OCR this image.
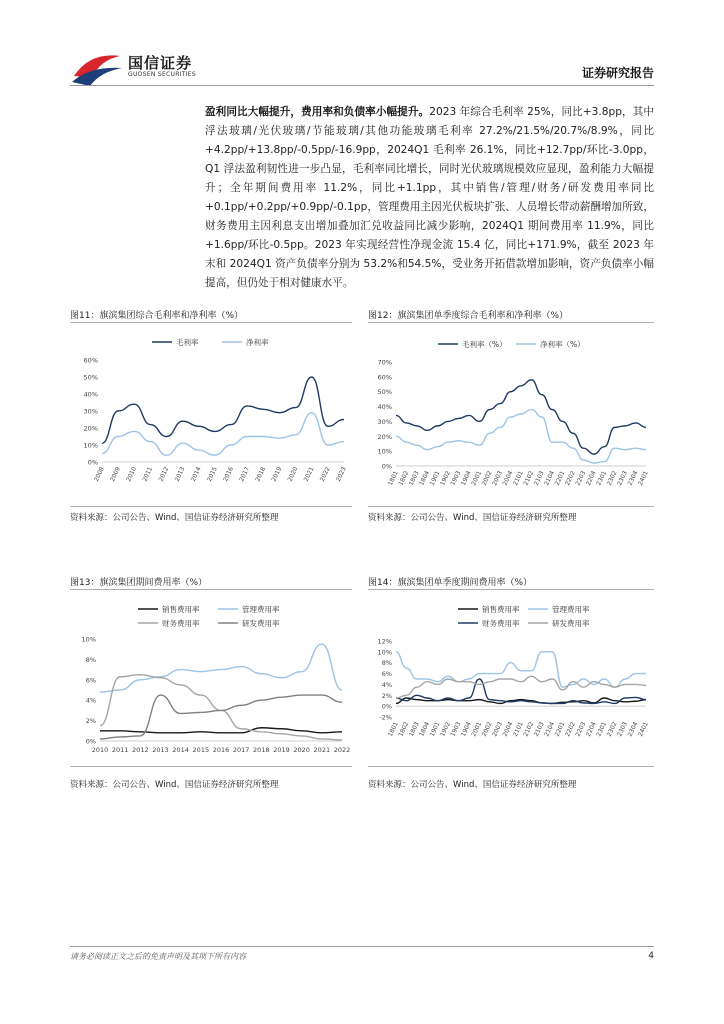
国信证券
GUOSEN SECURITIES	证券研究报告
盈利同比大幅提升，费用率和负债率小幅提升。2023 年综合毛利率 25%，同比+3.8pp，其中浮法玻璃/光伏玻璃/节能玻璃/其他功能玻璃毛利率 27.2%/21.5%/20.7%/8.9%，同比+4.2pp/+13.8pp/-0.5pp/-16.9pp，2024Q1 毛利率 26.1%，同比+12.7pp/环比-3.0pp，Q1 浮法盈利韧性进一步凸显，毛利率同比增长，同时光伏玻璃规模效应显现，盈利能力大幅提升；全年期间费用率 11.2%，同比+1.1pp，其中销售/管理/财务/研发费用率同比+0.1pp/+0.2pp/+0.9pp/-0.1pp，管理费用主因光伏板块扩张、人员增长带动薪酬增加所致，财务费用主因利息支出增加叠加汇兑收益同比减少影响，2024Q1 期间费用率 11.9%，同比+1.6pp/环比-0.5pp。2023 年实现经营性净现金流 15.4 亿，同比+171.9%，截至 2023 年末和 2024Q1 资产负债率分别为 53.2%和54.5%，受业务开拓借款增加影响，资产负债率小幅提高，但仍处于相对健康水平。
图11：旗滨集团综合毛利率和净利率（%）
毛利率	净利率
0%
10%
20%
30%
40%
50%
60%
2008 2009 2010 2011 2012 2013 2014 2015 2016 2017 2018 2019 2020 2021 2022 2023
资料来源：公司公告、Wind、国信证券经济研究所整理
图12：旗滨集团单季度综合毛利率和净利率（%）
毛利率（%）	净利率（%）
0%
10%
20%
30%
40%
50%
60%
70%
1801
1802
1803
1804
1901
1902
1903
1904
2001
2002
2003
2004
2101
2102
2103
2104
2201
2202
2203
2204
2301
2302
2303
2304
2401
资料来源：公司公告、Wind、国信证券经济研究所整理
图13：旗滨集团期间费用率（%）
销售费用率	管理费用率
财务费用率	研发费用率
0%
2%
4%
6%
8%
10%
2010 2011 2012 2013 2014 2015 2016 2017 2018 2019 2020 2021 2022
资料来源：公司公告、Wind、国信证券经济研究所整理
图14：旗滨集团单季度期间费用率（%）
销售费用率	管理费用率
财务费用率	研发费用率
-2%
0%
2%
4%
6%
8%
10%
12%
1801
1802
1803
1804
1901
1902
1903
1904
2001
2002
2003
2004
2101
2102
2103
2104
2201
2202
2203
2204
2301
2302
2303
2304
2401
资料来源：公司公告、Wind、国信证券经济研究所整理
请务必阅读正文之后的免责声明及其项下所有内容	4
